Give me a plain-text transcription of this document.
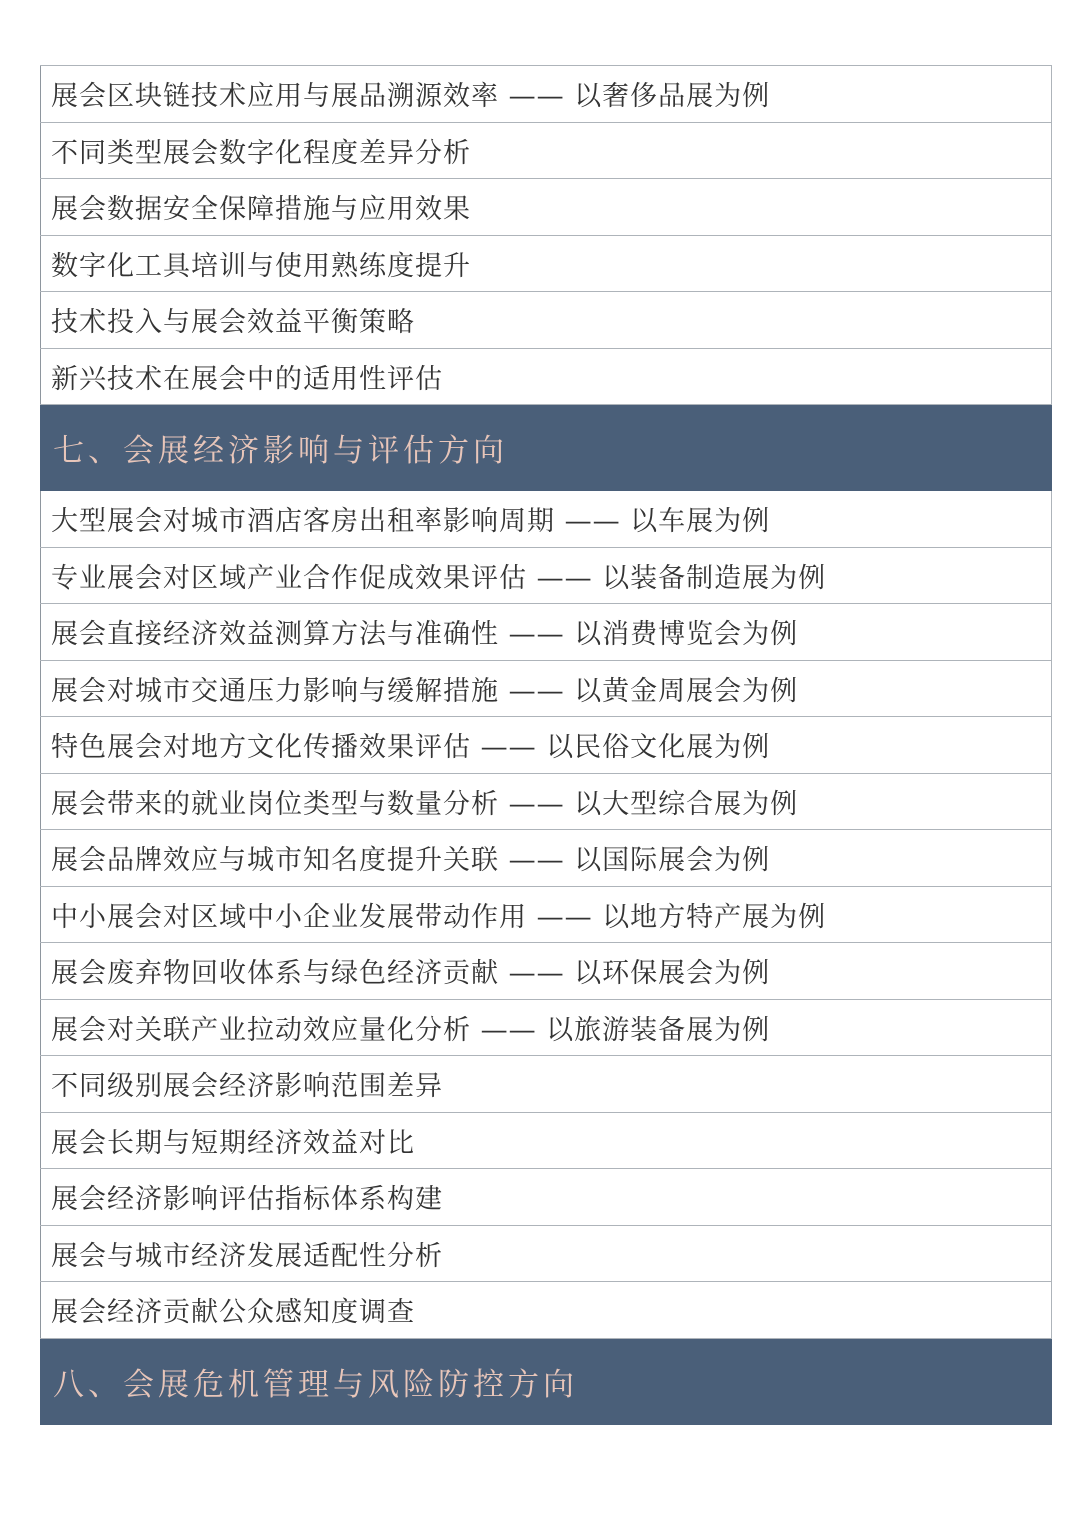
展会区块链技术应用与展品溯源效率 —— 以奢侈品展为例
不同类型展会数字化程度差异分析
展会数据安全保障措施与应用效果
数字化工具培训与使用熟练度提升
技术投入与展会效益平衡策略
新兴技术在展会中的适用性评估
七、会展经济影响与评估方向
大型展会对城市酒店客房出租率影响周期 —— 以车展为例
专业展会对区域产业合作促成效果评估 —— 以装备制造展为例
展会直接经济效益测算方法与准确性 —— 以消费博览会为例
展会对城市交通压力影响与缓解措施 —— 以黄金周展会为例
特色展会对地方文化传播效果评估 —— 以民俗文化展为例
展会带来的就业岗位类型与数量分析 —— 以大型综合展为例
展会品牌效应与城市知名度提升关联 —— 以国际展会为例
中小展会对区域中小企业发展带动作用 —— 以地方特产展为例
展会废弃物回收体系与绿色经济贡献 —— 以环保展会为例
展会对关联产业拉动效应量化分析 —— 以旅游装备展为例
不同级别展会经济影响范围差异
展会长期与短期经济效益对比
展会经济影响评估指标体系构建
展会与城市经济发展适配性分析
展会经济贡献公众感知度调查
八、会展危机管理与风险防控方向
